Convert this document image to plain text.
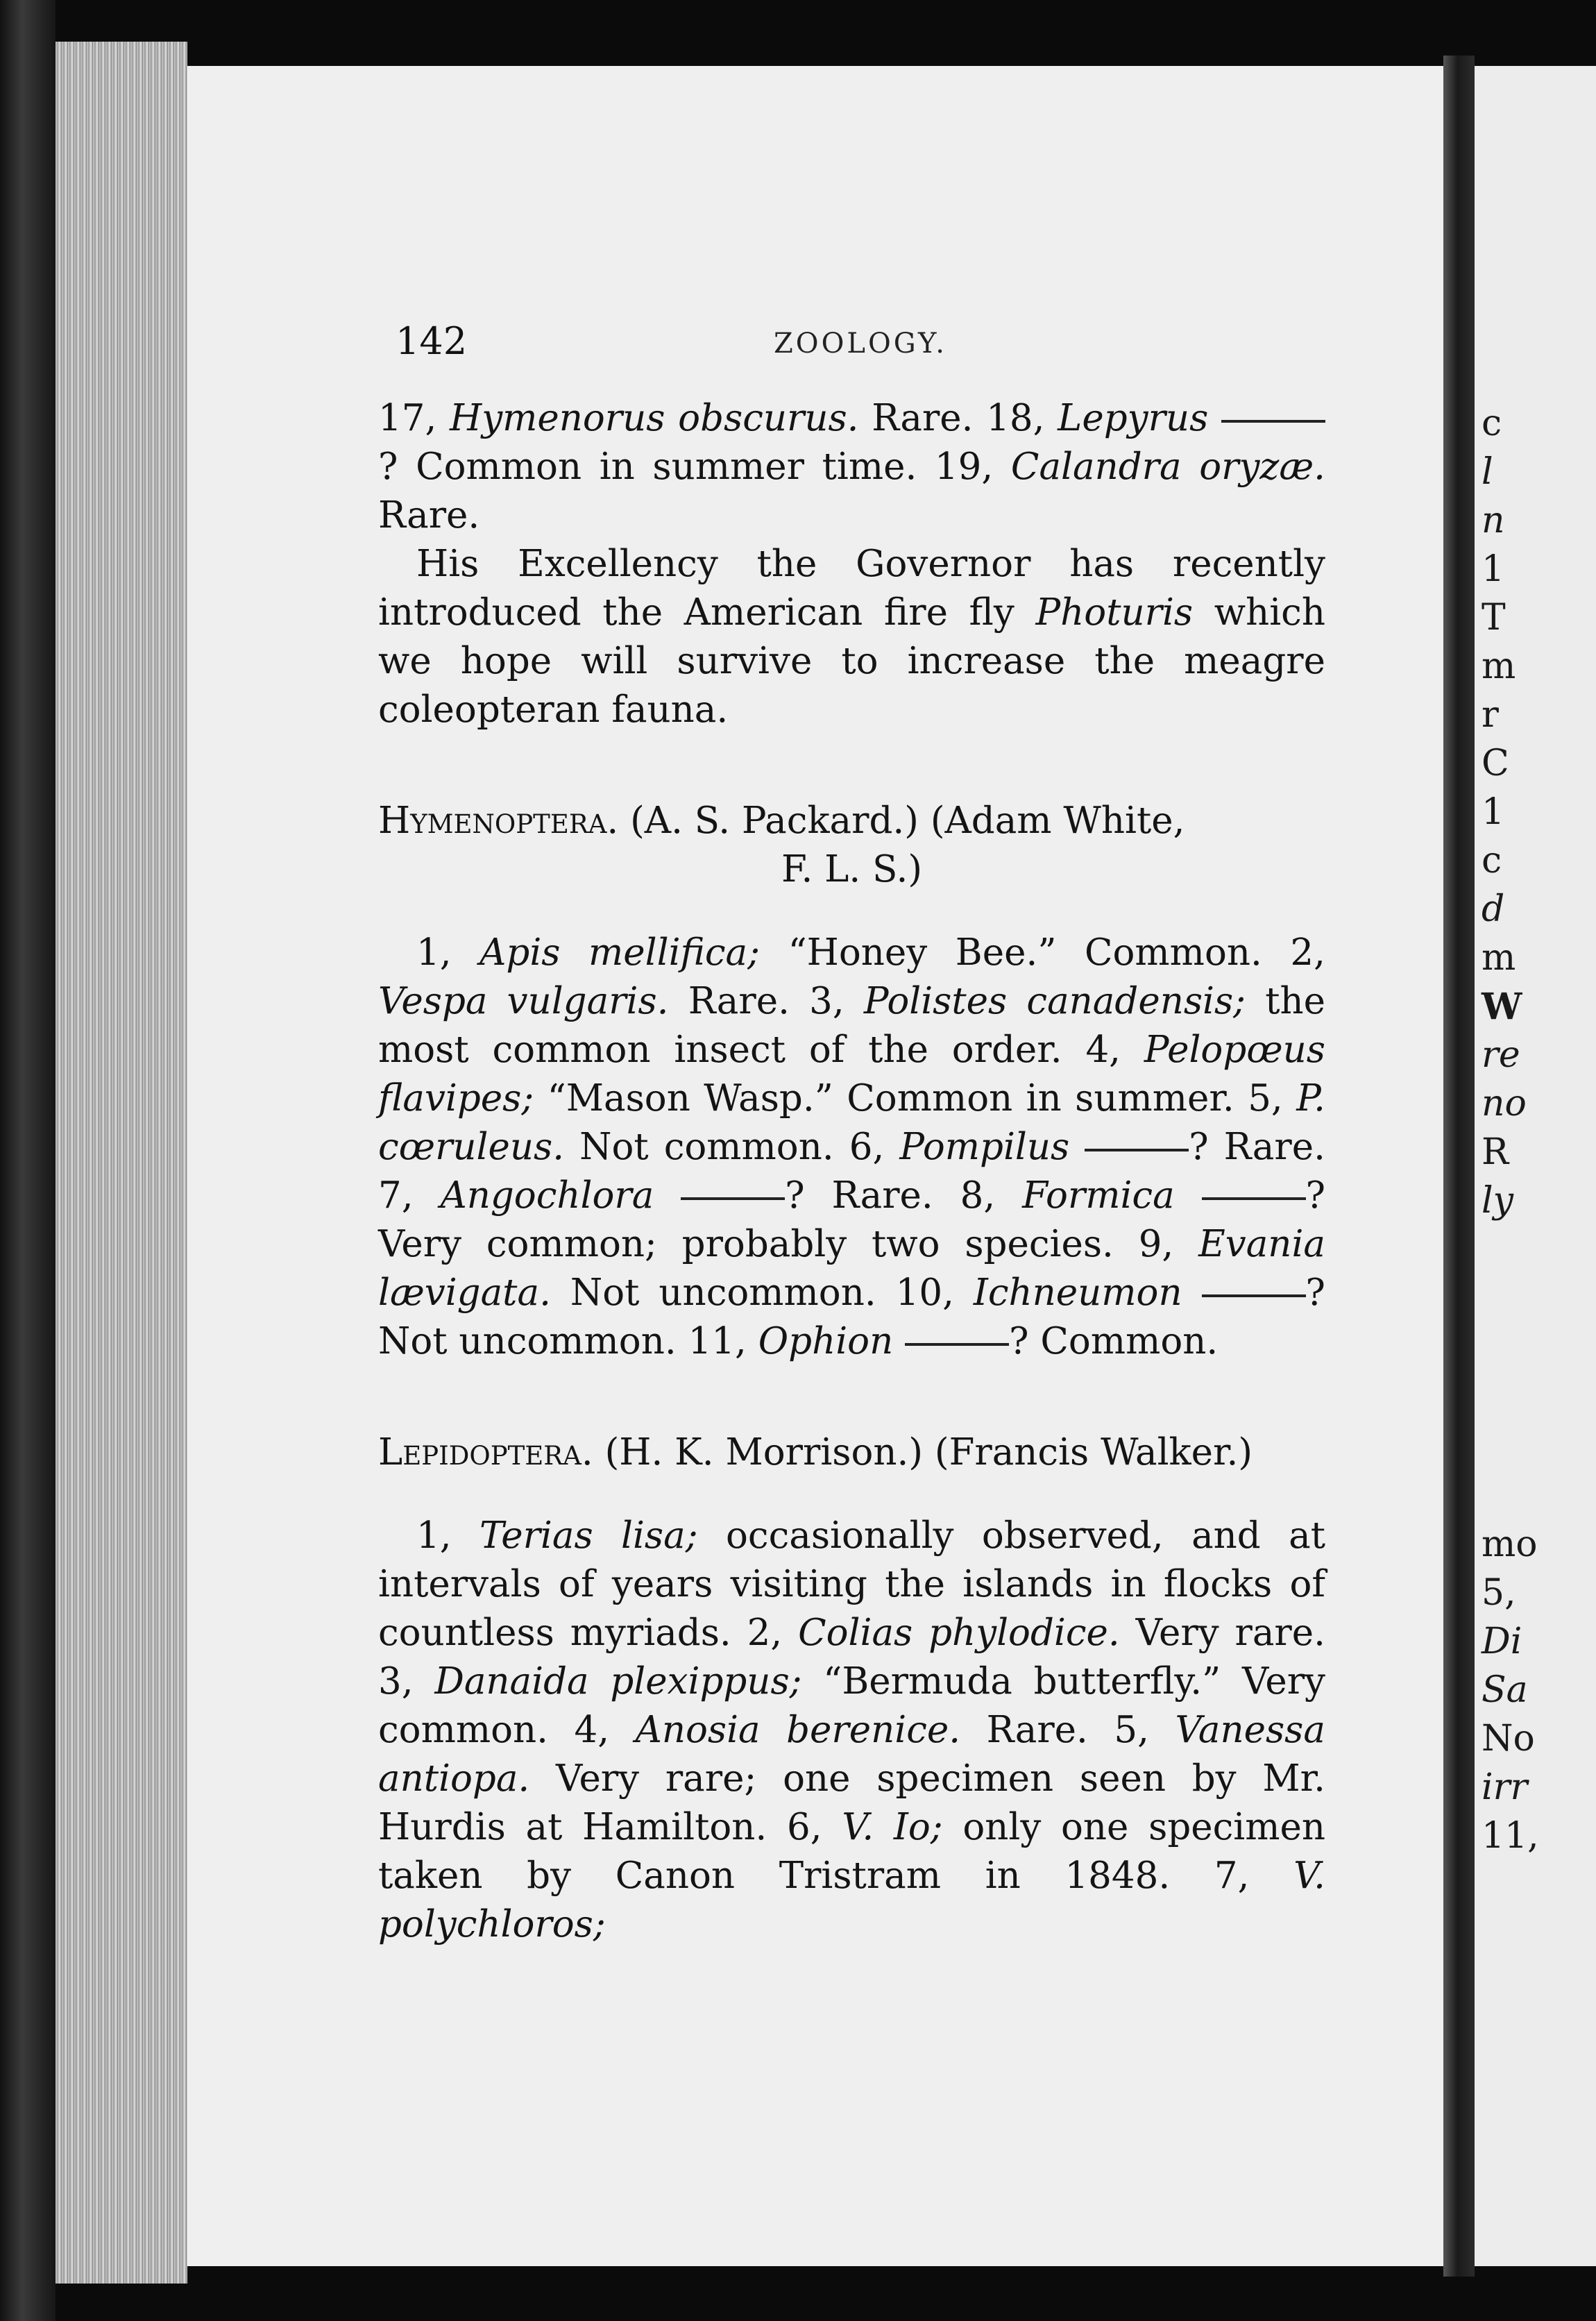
142	ZOOLOGY.

17, Hymenorus obscurus. Rare. 18, Lepyrus ? Common in summer time. 19, Calandra oryzæ. Rare.

His Excellency the Governor has recently introduced the American fire fly Photuris which we hope will survive to increase the meagre coleopteran fauna.

Hymenoptera. (A. S. Packard.) (Adam White,

F. L. S.)

1, Apis mellifica; “Honey Bee.” Common. 2, Vespa vulgaris. Rare. 3, Polistes canadensis; the most common insect of the order. 4, Pelopœus flavipes; “Mason Wasp.” Common in summer. 5, P. cœruleus. Not common. 6, Pompilus	? Rare. 7, Angochlora	? Rare. 8, Formica	? Very common; probably two species. 9, Evania lævigata. Not uncommon. 10, Ichneumon	? Not uncommon. 11, Ophion	? Common.

Lepidoptera. (H. K. Morrison.) (Francis Walker.)

1, Terias lisa; occasionally observed, and at intervals of years visiting the islands in flocks of countless myriads. 2, Colias phylodice. Very rare. 3, Danaida plexippus; “Bermuda butterfly.” Very common. 4, Anosia berenice. Rare. 5, Vanessa antiopa. Very rare; one specimen seen by Mr. Hurdis at Hamilton. 6, V. Io; only one specimen taken by Canon Tristram in 1848. 7, V. polychloros;

c
l
n
1
T
m
r
C
1
c
d
m
W
re
no
R
ly
mo
5,
Di
Sa
No
irr
11,
